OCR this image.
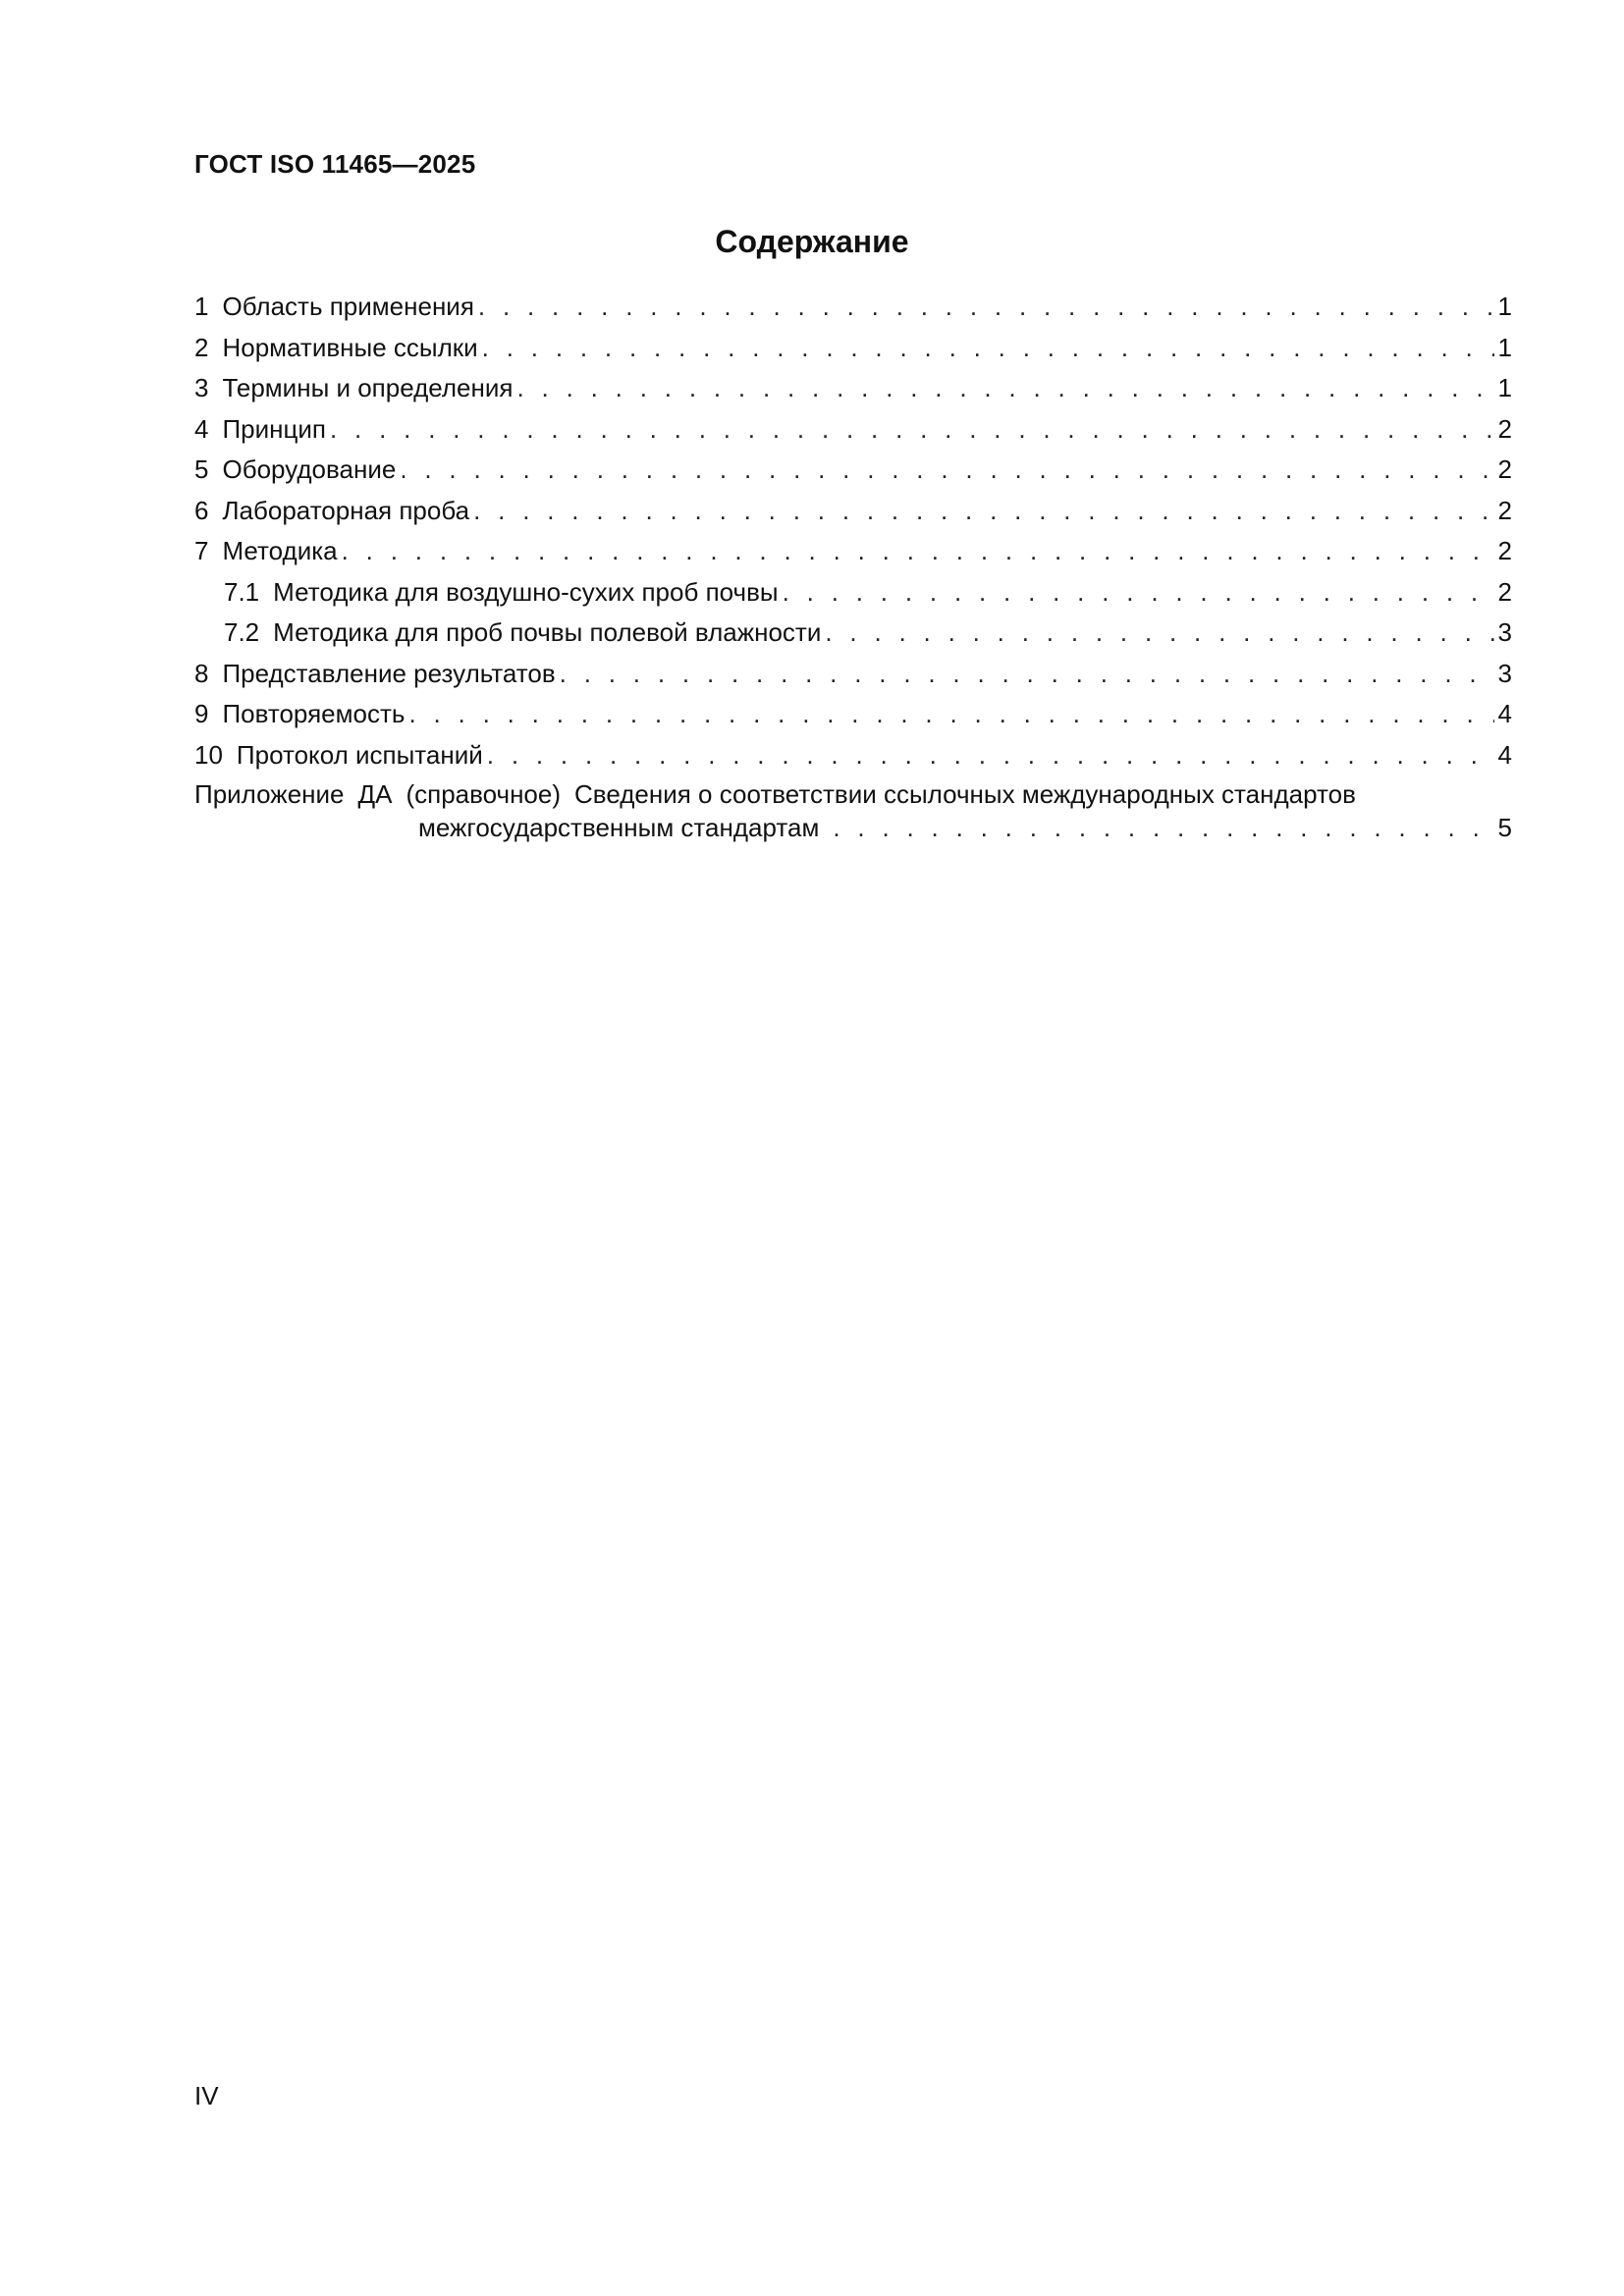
ГОСТ ISO 11465—2025
Содержание
1 Область применения . . .	1
2 Нормативные ссылки . . .	1
3 Термины и определения . . .	1
4 Принцип . . .	2
5 Оборудование . . .	2
6 Лабораторная проба . . .	2
7 Методика . . .	2
7.1 Методика для воздушно-сухих проб почвы . . .	2
7.2 Методика для проб почвы полевой влажности . . .	3
8 Представление результатов . . .	3
9 Повторяемость . . .	4
10 Протокол испытаний . . .	4
Приложение ДА (справочное) Сведения о соответствии ссылочных международных стандартов
межгосударственным стандартам . . .	5
IV
